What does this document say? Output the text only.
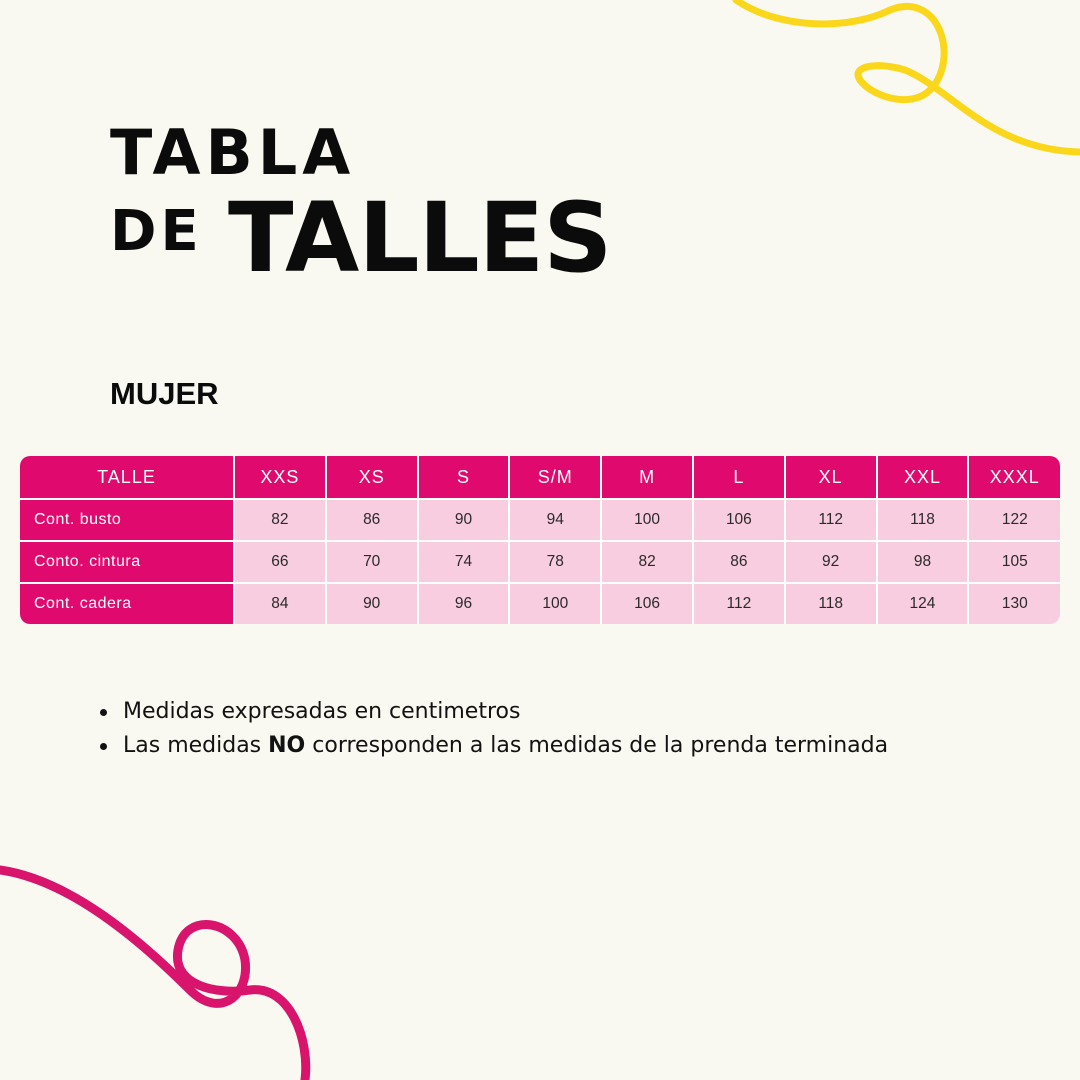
TABLA
DE TALLES
MUJER
TALLE	XXS	XS	S	S/M	M	L	XL	XXL	XXXL
Cont. busto	82	86	90	94	100	106	112	118	122
Conto. cintura	66	70	74	78	82	86	92	98	105
Cont. cadera	84	90	96	100	106	112	118	124	130
Medidas expresadas en centimetros
Las medidas NO corresponden a las medidas de la prenda terminada
